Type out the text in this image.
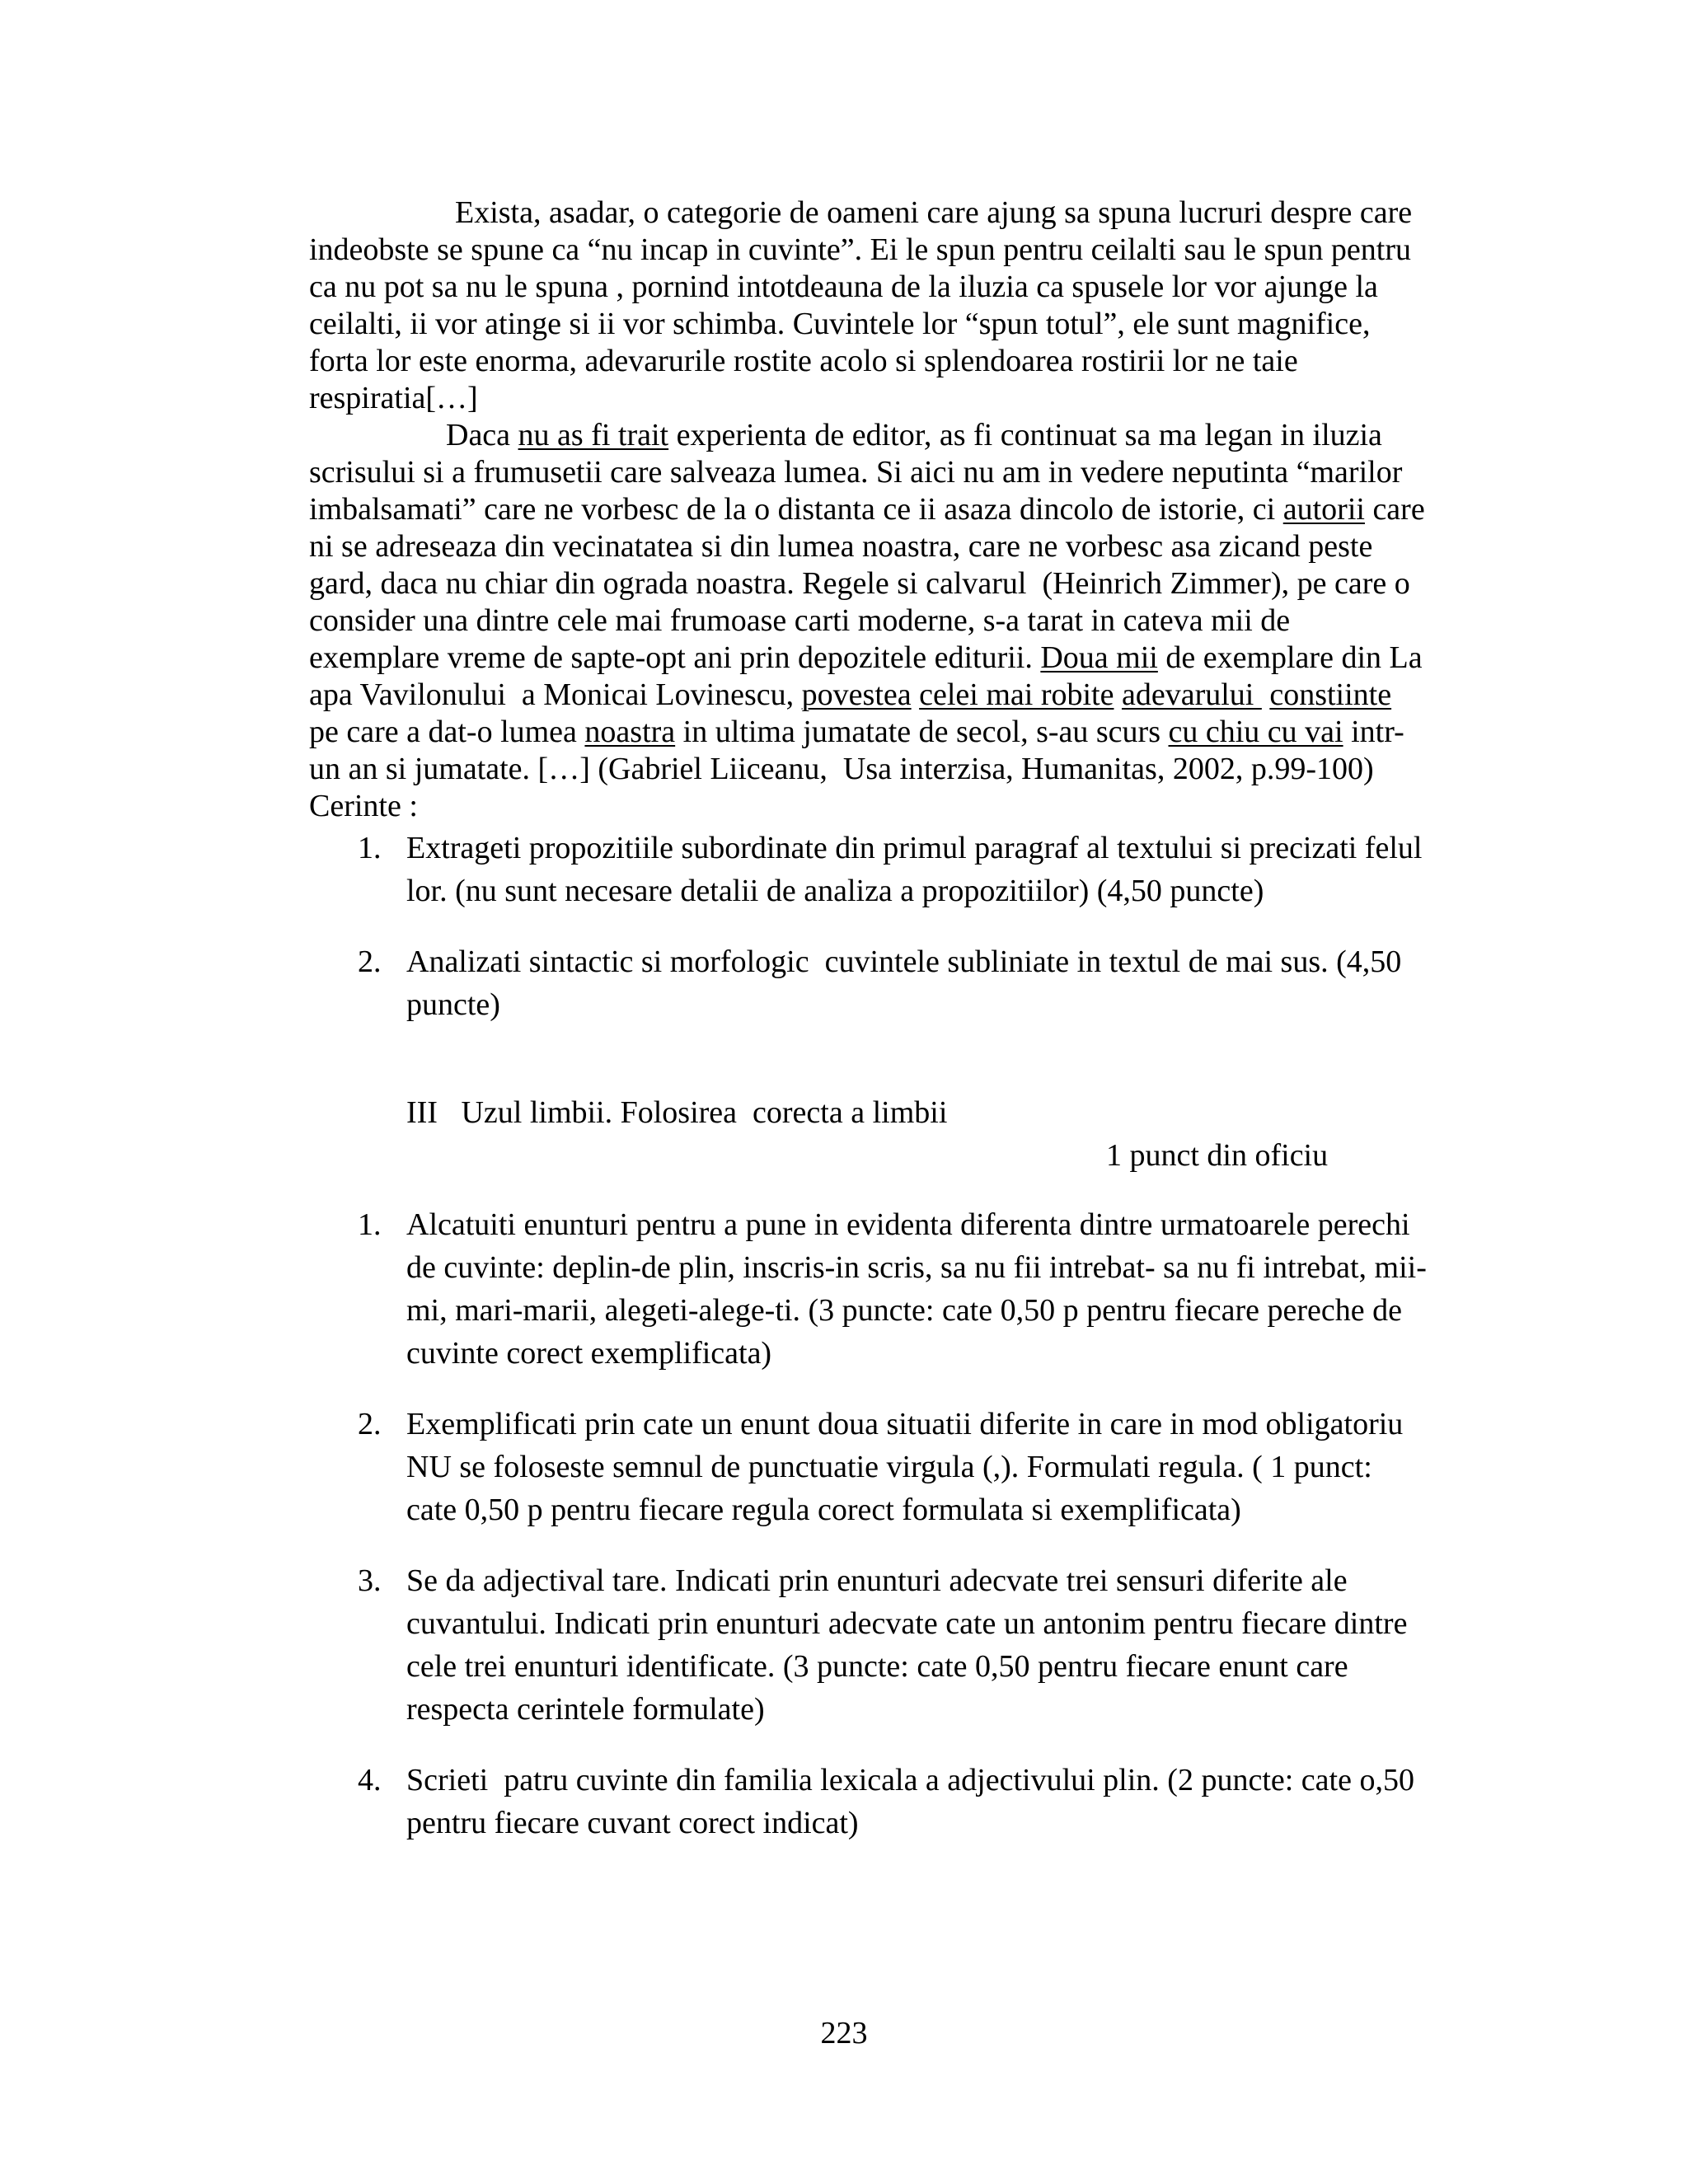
Exista, asadar, o categorie de oameni care ajung sa spuna lucruri despre care
indeobste se spune ca “nu incap in cuvinte”. Ei le spun pentru ceilalti sau le spun pentru
ca nu pot sa nu le spuna , pornind intotdeauna de la iluzia ca spusele lor vor ajunge la
ceilalti, ii vor atinge si ii vor schimba. Cuvintele lor “spun totul”, ele sunt magnifice,
forta lor este enorma, adevarurile rostite acolo si splendoarea rostirii lor ne taie
respiratia[…]
Daca nu as fi trait experienta de editor, as fi continuat sa ma legan in iluzia
scrisului si a frumusetii care salveaza lumea. Si aici nu am in vedere neputinta “marilor
imbalsamati” care ne vorbesc de la o distanta ce ii asaza dincolo de istorie, ci autorii care
ni se adreseaza din vecinatatea si din lumea noastra, care ne vorbesc asa zicand peste
gard, daca nu chiar din ograda noastra. Regele si calvarul  (Heinrich Zimmer), pe care o
consider una dintre cele mai frumoase carti moderne, s-a tarat in cateva mii de
exemplare vreme de sapte-opt ani prin depozitele editurii. Doua mii de exemplare din La
apa Vavilonului  a Monicai Lovinescu, povestea celei mai robite adevarului  constiinte
pe care a dat-o lumea noastra in ultima jumatate de secol, s-au scurs cu chiu cu vai intr-
un an si jumatate. […] (Gabriel Liiceanu,  Usa interzisa, Humanitas, 2002, p.99-100)
Cerinte :
1. Extrageti propozitiile subordinate din primul paragraf al textului si precizati felul
lor. (nu sunt necesare detalii de analiza a propozitiilor) (4,50 puncte)
2. Analizati sintactic si morfologic  cuvintele subliniate in textul de mai sus. (4,50
puncte)
III   Uzul limbii. Folosirea  corecta a limbii
1 punct din oficiu
1. Alcatuiti enunturi pentru a pune in evidenta diferenta dintre urmatoarele perechi
de cuvinte: deplin-de plin, inscris-in scris, sa nu fii intrebat- sa nu fi intrebat, mii-
mi, mari-marii, alegeti-alege-ti. (3 puncte: cate 0,50 p pentru fiecare pereche de
cuvinte corect exemplificata)
2. Exemplificati prin cate un enunt doua situatii diferite in care in mod obligatoriu
NU se foloseste semnul de punctuatie virgula (,). Formulati regula. ( 1 punct:
cate 0,50 p pentru fiecare regula corect formulata si exemplificata)
3. Se da adjectival tare. Indicati prin enunturi adecvate trei sensuri diferite ale
cuvantului. Indicati prin enunturi adecvate cate un antonim pentru fiecare dintre
cele trei enunturi identificate. (3 puncte: cate 0,50 pentru fiecare enunt care
respecta cerintele formulate)
4. Scrieti  patru cuvinte din familia lexicala a adjectivului plin. (2 puncte: cate o,50
pentru fiecare cuvant corect indicat)
223
